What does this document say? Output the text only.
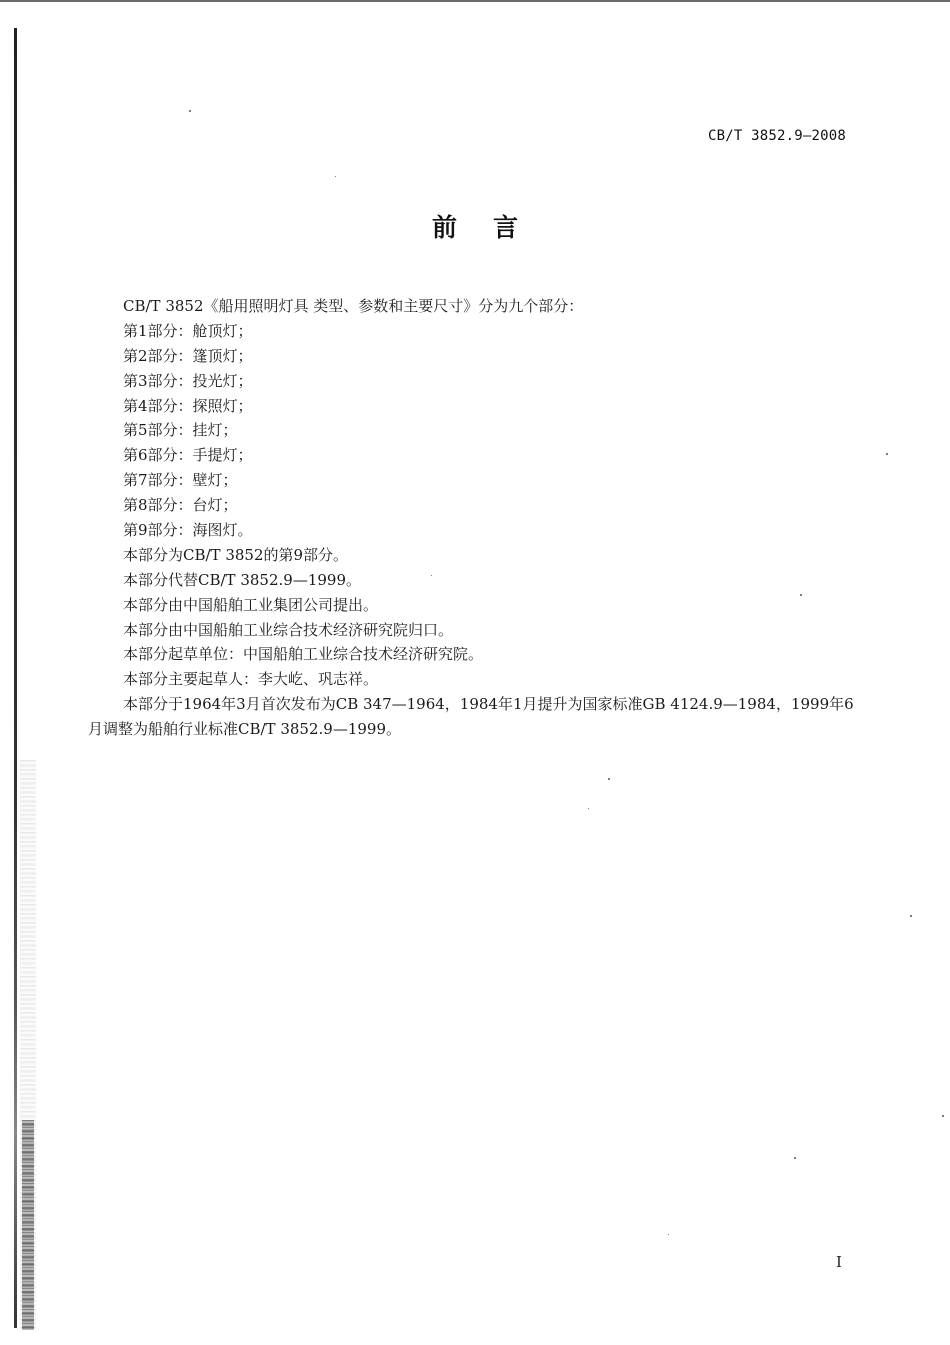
CB/T 3852.9—2008
前 言
CB/T 3852《船用照明灯具 类型、参数和主要尺寸》分为九个部分：
第1部分：舱顶灯；
第2部分：篷顶灯；
第3部分：投光灯；
第4部分：探照灯；
第5部分：挂灯；
第6部分：手提灯；
第7部分：壁灯；
第8部分：台灯；
第9部分：海图灯。
本部分为CB/T 3852的第9部分。
本部分代替CB/T 3852.9—1999。
本部分由中国船舶工业集团公司提出。
本部分由中国船舶工业综合技术经济研究院归口。
本部分起草单位：中国船舶工业综合技术经济研究院。
本部分主要起草人：李大屹、巩志祥。
本部分于1964年3月首次发布为CB 347—1964，1984年1月提升为国家标准GB 4124.9—1984，1999年6月调整为船舶行业标准CB/T 3852.9—1999。
I
